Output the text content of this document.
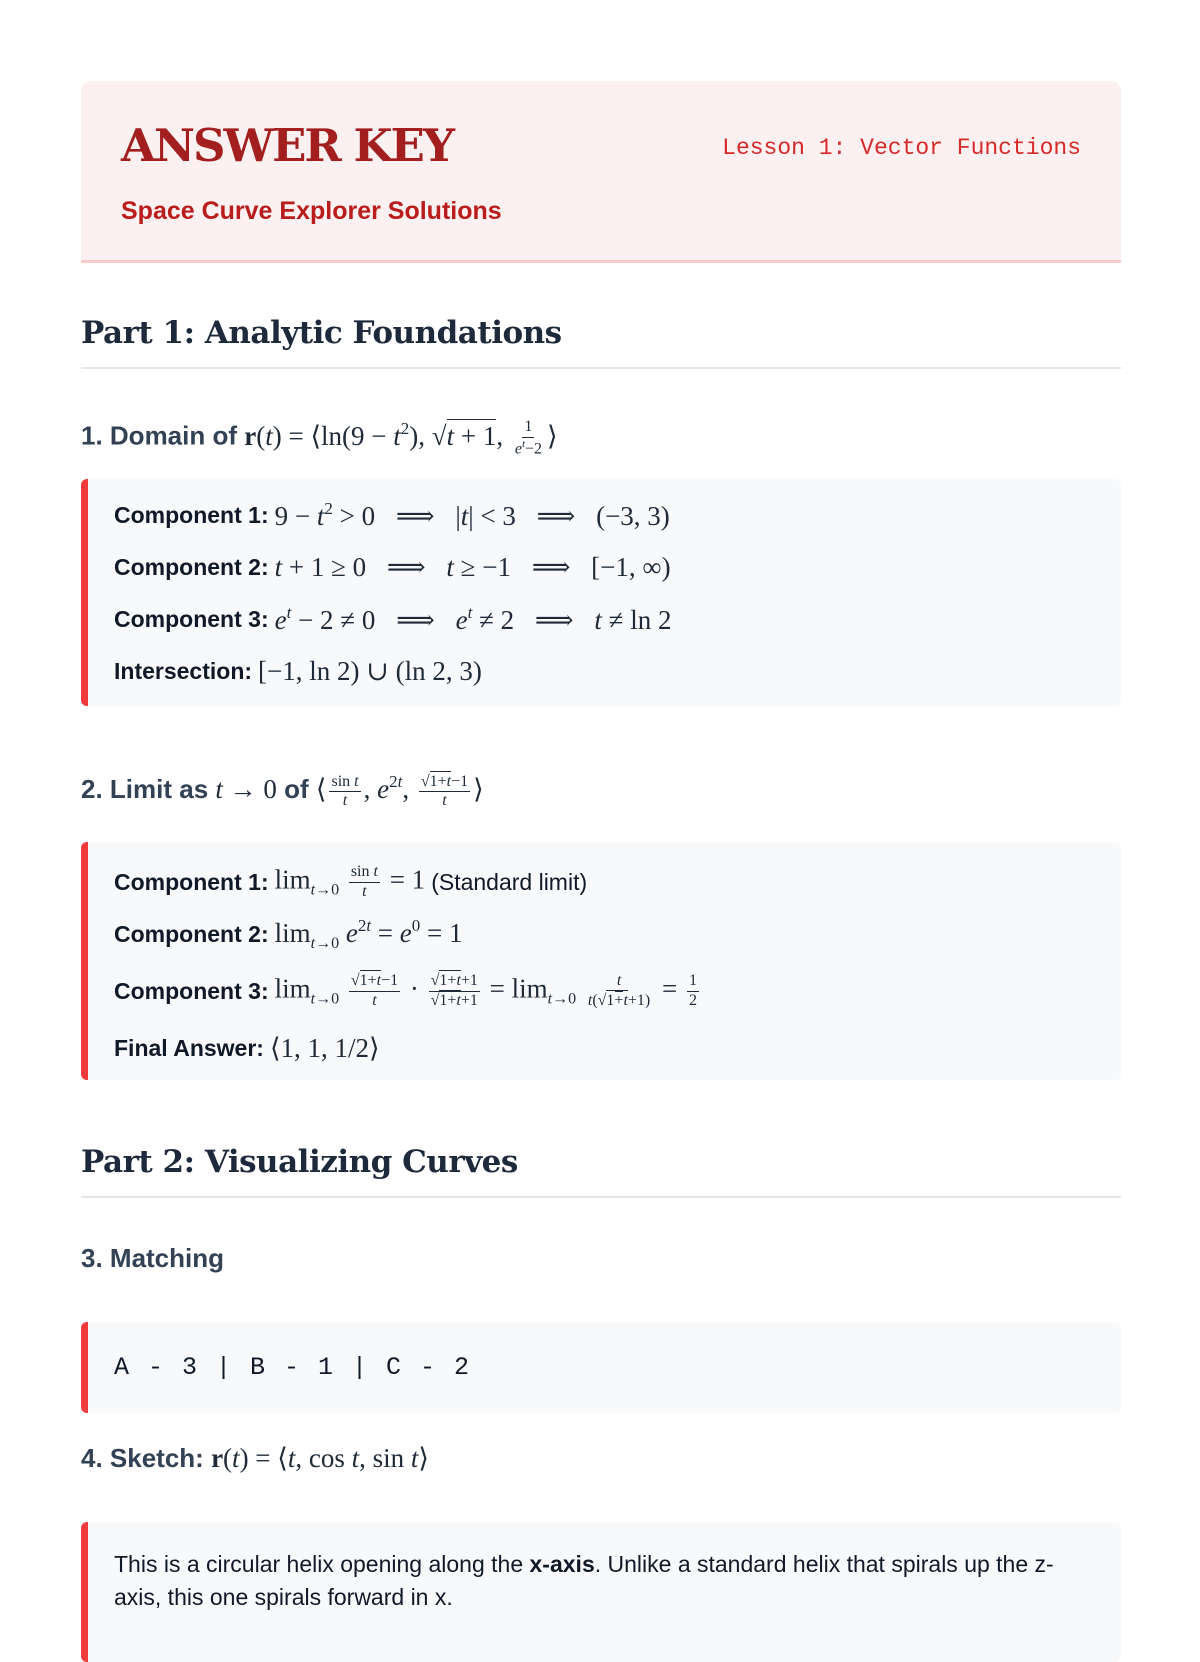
ANSWER KEY
Space Curve Explorer Solutions
Lesson 1: Vector Functions
Part 1: Analytic Foundations
1. Domain of r(t) = ⟨ln(9 − $t^2$), √t + 1, $\frac{1}{e^t-2}$ ⟩
Component 1: $9 - t^2 > 0$ ⟹ |t| < 3 ⟹ (−3, 3)
Component 2: t + 1 ≥ 0 ⟹ t ≥ −1 ⟹ [−1, ∞)
Component 3: $e^t - 2 \ne 0$ ⟹ $e^t \ne 2$ ⟹ t ≠ ln 2
Intersection: [−1, ln 2) ∪ (ln 2, 3)
2. Limit as t → 0 of ⟨ $\frac{\text{sin t}}{t}$ , $e^{2t}$, $\frac{√1+t-1}{t}$ ⟩
Component 1: $\lim_{t\to 0} \frac{\text{sin t}}{t} = 1$ (Standard limit)
Component 2: $\lim_{t\to 0} e^{2t} = e^0 = 1$
Component 3: $\lim_{t\to 0} \frac{√1+t-1}{t} \cdot \frac{√1+t+1}{√1+t+1} = \lim_{t\to 0} \frac{t}{t(√1+t+1)} = \frac{1}{2}$
Final Answer: ⟨1, 1, 1/2⟩
Part 2: Visualizing Curves
3. Matching
A - 3 | B - 1 | C - 2
4. Sketch: r(t) = ⟨t, cos t, sin t⟩
This is a circular helix opening along the x-axis. Unlike a standard helix that spirals up the z-axis, this one spirals forward in x.
